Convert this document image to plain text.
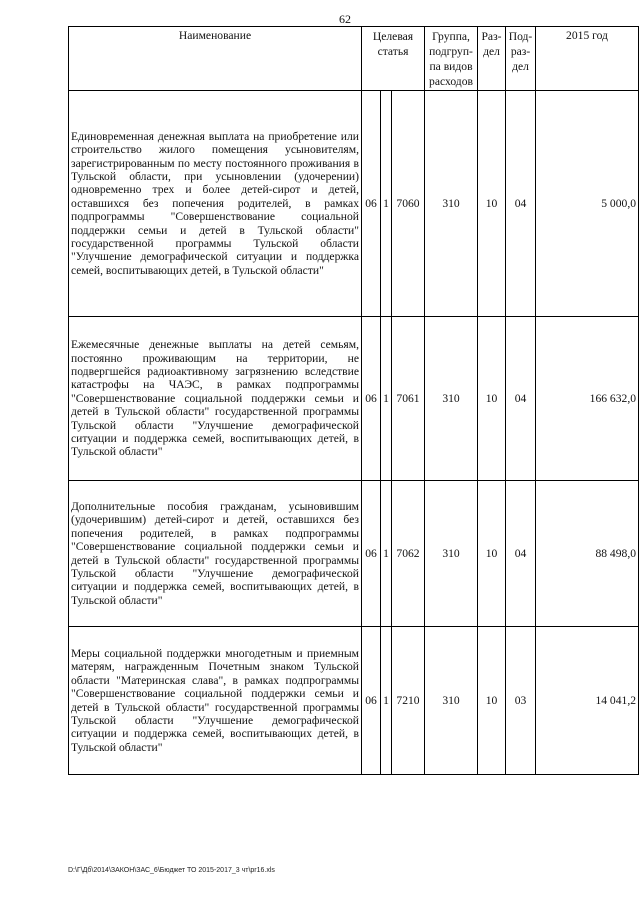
62
Наименование	Целевая статья			Группа, подгруп-па видов расходов	Раз-дел	Под-раз-дел	2015 год
Единовременная денежная выплата на приобретение или строительство жилого помещения усыновителям, зарегистрированным по месту постоянного проживания в Тульской области, при усыновлении (удочерении) одновременно трех и более детей-сирот и детей, оставшихся без попечения родителей, в рамках подпрограммы "Совершенствование социальной поддержки семьи и детей в Тульской области" государственной программы Тульской области "Улучшение демографической ситуации и поддержка семей, воспитывающих детей, в Тульской области"	06	1	7060	310	10	04	5 000,0
Ежемесячные денежные выплаты на детей семьям, постоянно проживающим на территории, не подвергшейся радиоактивному загрязнению вследствие катастрофы на ЧАЭС, в рамках подпрограммы "Совершенствование социальной поддержки семьи и детей в Тульской области" государственной программы Тульской области "Улучшение демографической ситуации и поддержка семей, воспитывающих детей, в Тульской области"	06	1	7061	310	10	04	166 632,0
Дополнительные пособия гражданам, усыновившим (удочерившим) детей-сирот и детей, оставшихся без попечения родителей, в рамках подпрограммы "Совершенствование социальной поддержки семьи и детей в Тульской области" государственной программы Тульской области "Улучшение демографической ситуации и поддержка семей, воспитывающих детей, в Тульской области"	06	1	7062	310	10	04	88 498,0
Меры социальной поддержки многодетным и приемным матерям, награжденным Почетным знаком Тульской области "Материнская слава", в рамках подпрограммы "Совершенствование социальной поддержки семьи и детей в Тульской области" государственной программы Тульской области "Улучшение демографической ситуации и поддержка семей, воспитывающих детей, в Тульской области"	06	1	7210	310	10	03	14 041,2
D:\Г\Дб\2014\ЗАКОН\ЗАС_6\Бюджет ТО 2015-2017_3 чт\рr16.xls
